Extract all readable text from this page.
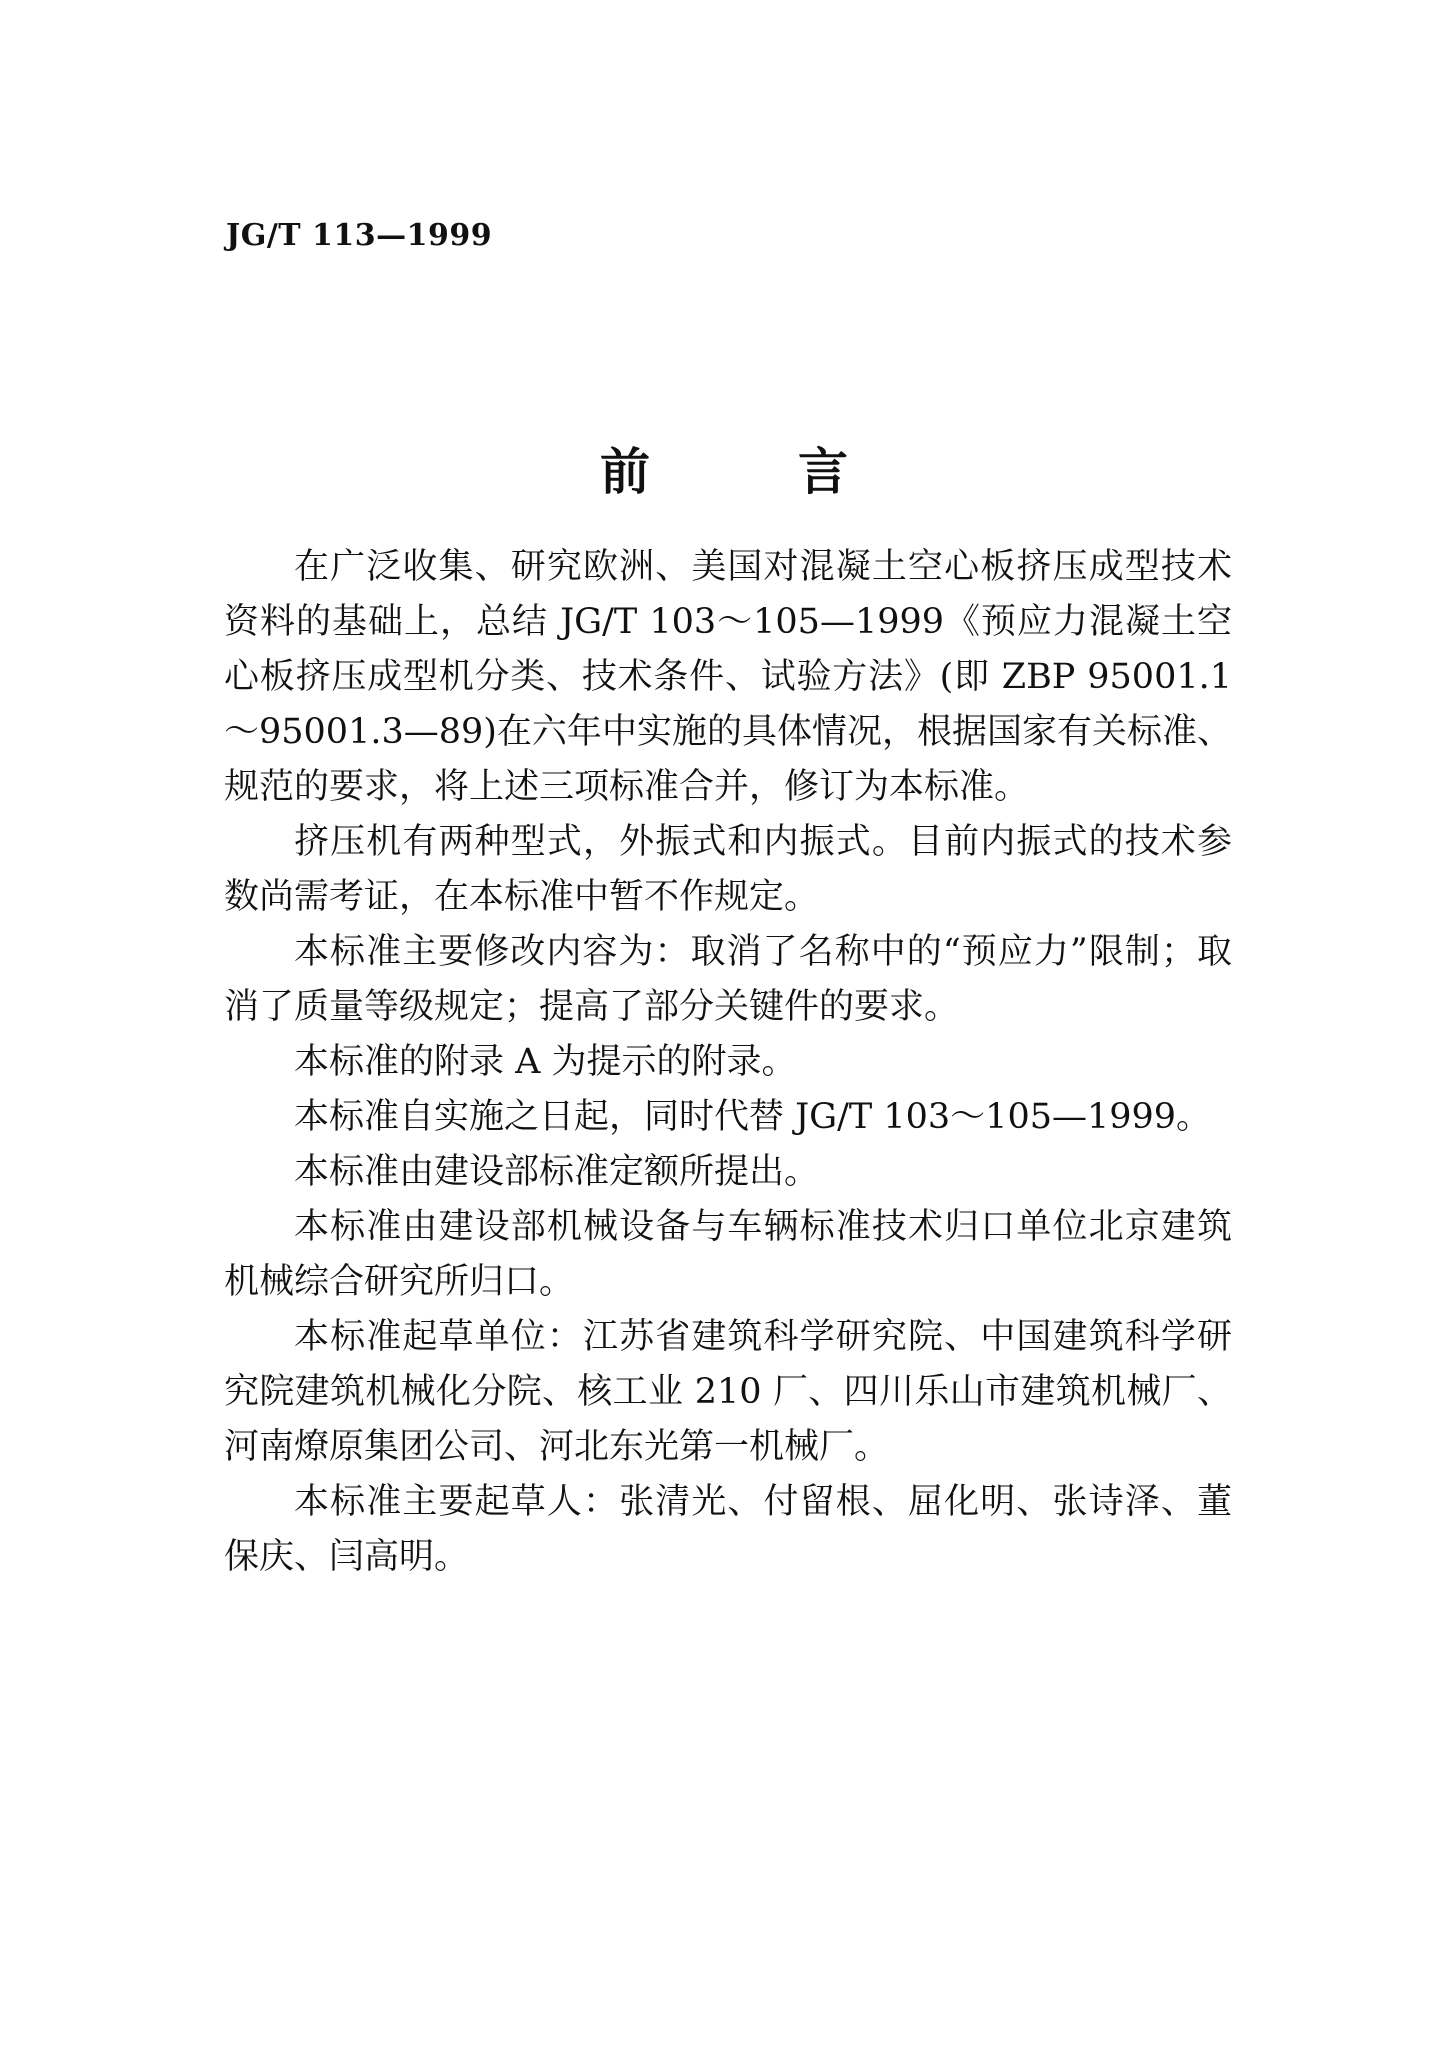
JG/T 113—1999
前言

在广泛收集、研究欧洲、美国对混凝土空心板挤压成型技术资料的基础上，总结 JG/T 103～105—1999《预应力混凝土空心板挤压成型机分类、技术条件、试验方法》(即 ZBP 95001.1～95001.3—89)在六年中实施的具体情况，根据国家有关标准、规范的要求，将上述三项标准合并，修订为本标准。

挤压机有两种型式，外振式和内振式。目前内振式的技术参数尚需考证，在本标准中暂不作规定。

本标准主要修改内容为：取消了名称中的“预应力”限制；取消了质量等级规定；提高了部分关键件的要求。

本标准的附录 A 为提示的附录。

本标准自实施之日起，同时代替 JG/T 103～105—1999。

本标准由建设部标准定额所提出。

本标准由建设部机械设备与车辆标准技术归口单位北京建筑机械综合研究所归口。

本标准起草单位：江苏省建筑科学研究院、中国建筑科学研究院建筑机械化分院、核工业 210 厂、四川乐山市建筑机械厂、河南燎原集团公司、河北东光第一机械厂。

本标准主要起草人：张清光、付留根、屈化明、张诗泽、董保庆、闫高明。
